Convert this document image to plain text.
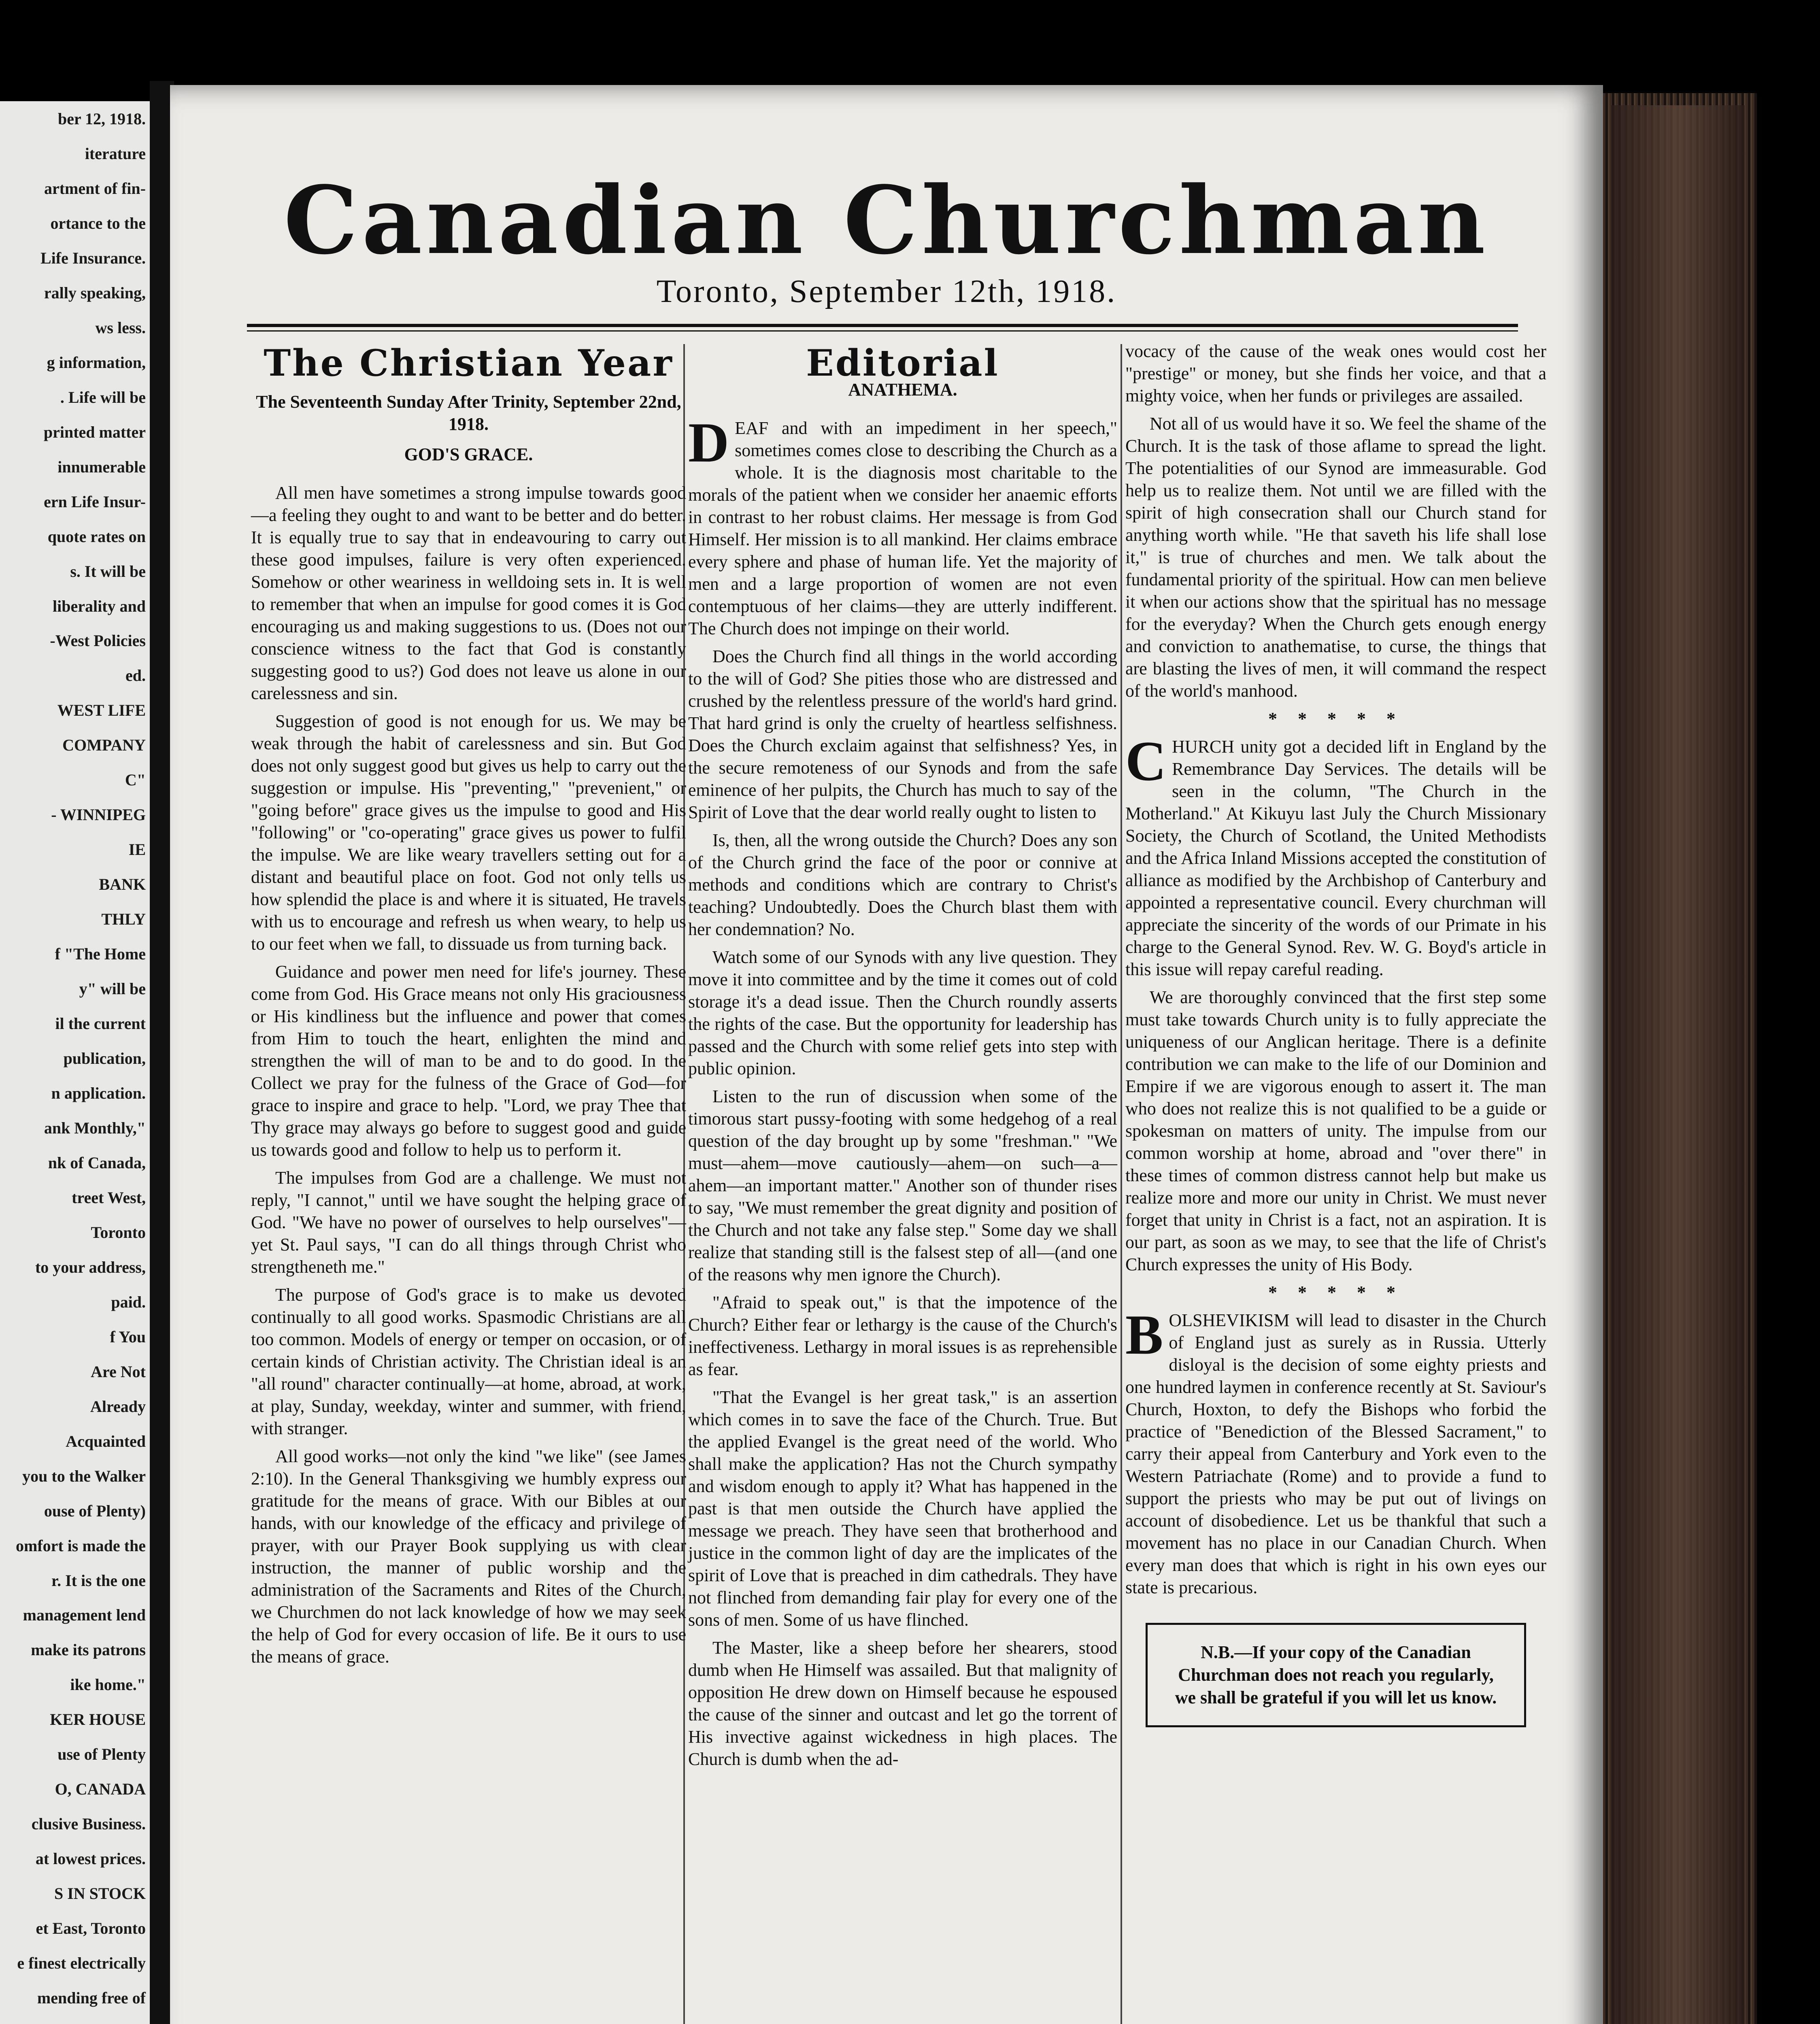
ber 12, 1918.
iterature
artment of fin-
ortance to the
Life Insurance.
rally speaking,
ws less.
g information,
. Life will be
printed matter
innumerable
ern Life Insur-
quote rates on
s. It will be
liberality and
-West Policies
ed.
WEST LIFE
COMPANY
C"
- WINNIPEG
IE
BANK
THLY
f "The Home
y" will be
il the current
publication,
n application.
ank Monthly,"
nk of Canada,
treet West,
Toronto
to your address,
paid.
f You
Are Not
Already
Acquainted
you to the Walker
ouse of Plenty)
omfort is made the
r. It is the one
management lend
make its patrons
ike home."
KER HOUSE
use of Plenty
O, CANADA
clusive Business.
at lowest prices.
S IN STOCK
et East, Toronto
e finest electrically
mending free of
Canadian Churchman
Toronto, September 12th, 1918.
The Christian Year
The Seventeenth Sunday After Trinity, September 22nd, 1918.
GOD'S GRACE.

All men have sometimes a strong impulse towards good—a feeling they ought to and want to be better and do better. It is equally true to say that in endeavouring to carry out these good impulses, failure is very often experienced. Somehow or other weariness in welldoing sets in. It is well to remember that when an impulse for good comes it is God encouraging us and making suggestions to us. (Does not our conscience witness to the fact that God is constantly suggesting good to us?) God does not leave us alone in our carelessness and sin.

Suggestion of good is not enough for us. We may be weak through the habit of carelessness and sin. But God does not only suggest good but gives us help to carry out the suggestion or impulse. His "preventing," "prevenient," or "going before" grace gives us the impulse to good and His "following" or "co-operating" grace gives us power to fulfil the impulse. We are like weary travellers setting out for a distant and beautiful place on foot. God not only tells us how splendid the place is and where it is situated, He travels with us to encourage and refresh us when weary, to help us to our feet when we fall, to dissuade us from turning back.

Guidance and power men need for life's journey. These come from God. His Grace means not only His graciousness or His kindliness but the influence and power that comes from Him to touch the heart, enlighten the mind and strengthen the will of man to be and to do good. In the Collect we pray for the fulness of the Grace of God—for grace to inspire and grace to help. "Lord, we pray Thee that Thy grace may always go before to suggest good and guide us towards good and follow to help us to perform it.

The impulses from God are a challenge. We must not reply, "I cannot," until we have sought the helping grace of God. "We have no power of ourselves to help ourselves"—yet St. Paul says, "I can do all things through Christ who strengtheneth me."

The purpose of God's grace is to make us devoted continually to all good works. Spasmodic Christians are all too common. Models of energy or temper on occasion, or of certain kinds of Christian activity. The Christian ideal is an "all round" character continually—at home, abroad, at work, at play, Sunday, weekday, winter and summer, with friend, with stranger.

All good works—not only the kind "we like" (see James 2:10). In the General Thanksgiving we humbly express our gratitude for the means of grace. With our Bibles at our hands, with our knowledge of the efficacy and privilege of prayer, with our Prayer Book supplying us with clear instruction, the manner of public worship and the administration of the Sacraments and Rites of the Church, we Churchmen do not lack knowledge of how we may seek the help of God for every occasion of life. Be it ours to use the means of grace.

Editorial
ANATHEMA.

DEAF and with an impediment in her speech," sometimes comes close to describing the Church as a whole. It is the diagnosis most charitable to the morals of the patient when we consider her anaemic efforts in contrast to her robust claims. Her message is from God Himself. Her mission is to all mankind. Her claims embrace every sphere and phase of human life. Yet the majority of men and a large proportion of women are not even contemptuous of her claims—they are utterly indifferent. The Church does not impinge on their world.

Does the Church find all things in the world according to the will of God? She pities those who are distressed and crushed by the relentless pressure of the world's hard grind. That hard grind is only the cruelty of heartless selfishness. Does the Church exclaim against that selfishness? Yes, in the secure remoteness of our Synods and from the safe eminence of her pulpits, the Church has much to say of the Spirit of Love that the dear world really ought to listen to

Is, then, all the wrong outside the Church? Does any son of the Church grind the face of the poor or connive at methods and conditions which are contrary to Christ's teaching? Undoubtedly. Does the Church blast them with her condemnation? No.

Watch some of our Synods with any live question. They move it into committee and by the time it comes out of cold storage it's a dead issue. Then the Church roundly asserts the rights of the case. But the opportunity for leadership has passed and the Church with some relief gets into step with public opinion.

Listen to the run of discussion when some of the timorous start pussy-footing with some hedgehog of a real question of the day brought up by some "freshman." "We must—ahem—move cautiously—ahem—on such—a—ahem—an important matter." Another son of thunder rises to say, "We must remember the great dignity and position of the Church and not take any false step." Some day we shall realize that standing still is the falsest step of all—(and one of the reasons why men ignore the Church).

"Afraid to speak out," is that the impotence of the Church? Either fear or lethargy is the cause of the Church's ineffectiveness. Lethargy in moral issues is as reprehensible as fear.

"That the Evangel is her great task," is an assertion which comes in to save the face of the Church. True. But the applied Evangel is the great need of the world. Who shall make the application? Has not the Church sympathy and wisdom enough to apply it? What has happened in the past is that men outside the Church have applied the message we preach. They have seen that brotherhood and justice in the common light of day are the implicates of the spirit of Love that is preached in dim cathedrals. They have not flinched from demanding fair play for every one of the sons of men. Some of us have flinched.

The Master, like a sheep before her shearers, stood dumb when He Himself was assailed. But that malignity of opposition He drew down on Himself because he espoused the cause of the sinner and outcast and let go the torrent of His invective against wickedness in high places. The Church is dumb when the ad-

vocacy of the cause of the weak ones would cost her "prestige" or money, but she finds her voice, and that a mighty voice, when her funds or privileges are assailed.

Not all of us would have it so. We feel the shame of the Church. It is the task of those aflame to spread the light. The potentialities of our Synod are immeasurable. God help us to realize them. Not until we are filled with the spirit of high consecration shall our Church stand for anything worth while. "He that saveth his life shall lose it," is true of churches and men. We talk about the fundamental priority of the spiritual. How can men believe it when our actions show that the spiritual has no message for the everyday? When the Church gets enough energy and conviction to anathematise, to curse, the things that are blasting the lives of men, it will command the respect of the world's manhood.

* * * * *

CHURCH unity got a decided lift in England by the Remembrance Day Services. The details will be seen in the column, "The Church in the Motherland." At Kikuyu last July the Church Missionary Society, the Church of Scotland, the United Methodists and the Africa Inland Missions accepted the constitution of alliance as modified by the Archbishop of Canterbury and appointed a representative council. Every churchman will appreciate the sincerity of the words of our Primate in his charge to the General Synod. Rev. W. G. Boyd's article in this issue will repay careful reading.

We are thoroughly convinced that the first step some must take towards Church unity is to fully appreciate the uniqueness of our Anglican heritage. There is a definite contribution we can make to the life of our Dominion and Empire if we are vigorous enough to assert it. The man who does not realize this is not qualified to be a guide or spokesman on matters of unity. The impulse from our common worship at home, abroad and "over there" in these times of common distress cannot help but make us realize more and more our unity in Christ. We must never forget that unity in Christ is a fact, not an aspiration. It is our part, as soon as we may, to see that the life of Christ's Church expresses the unity of His Body.

* * * * *

BOLSHEVIKISM will lead to disaster in the Church of England just as surely as in Russia. Utterly disloyal is the decision of some eighty priests and one hundred laymen in conference recently at St. Saviour's Church, Hoxton, to defy the Bishops who forbid the practice of "Benediction of the Blessed Sacrament," to carry their appeal from Canterbury and York even to the Western Patriachate (Rome) and to provide a fund to support the priests who may be put out of livings on account of disobedience. Let us be thankful that such a movement has no place in our Canadian Church. When every man does that which is right in his own eyes our state is precarious.

N.B.—If your copy of the Canadian Churchman does not reach you regularly, we shall be grateful if you will let us know.
